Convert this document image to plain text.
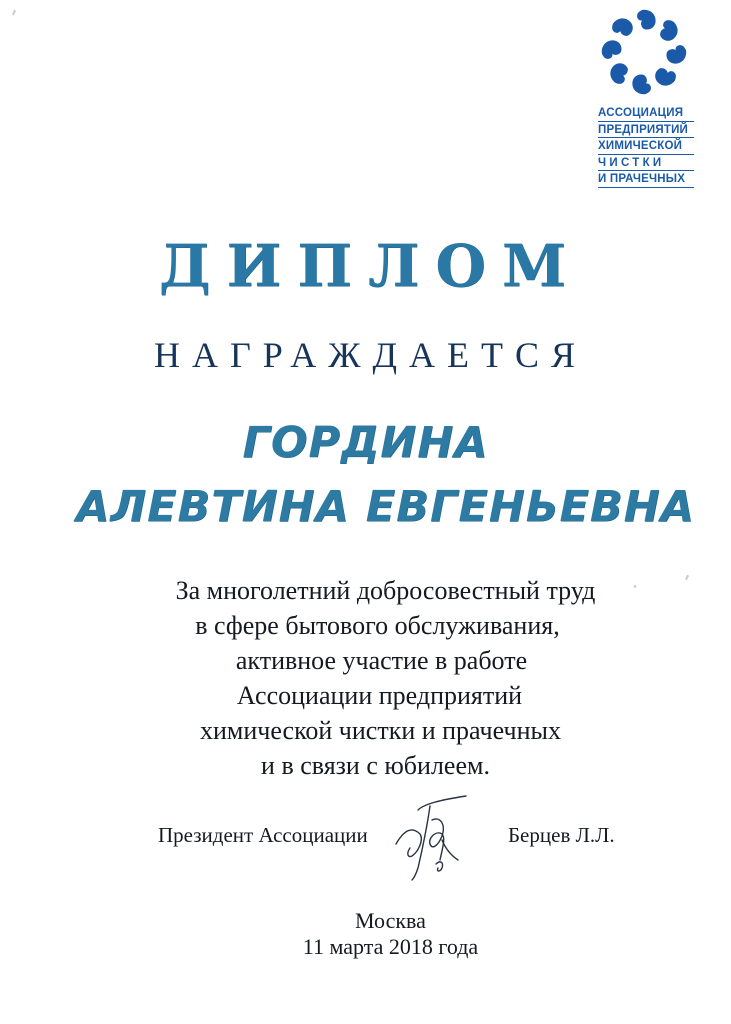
АССОЦИАЦИЯ
ПРЕДПРИЯТИЙ
ХИМИЧЕСКОЙ
ЧИСТКИ
И ПРАЧЕЧНЫХ
ДИПЛОМ
НАГРАЖДАЕТСЯ
ГОРДИНА
АЛЕВТИНА ЕВГЕНЬЕВНА
За многолетний добросовестный труд
в сфере бытового обслуживания,
активное участие в работе
Ассоциации предприятий
химической чистки и прачечных
и в связи с юбилеем.
Президент Ассоциации	Берцев Л.Л.
Москва
11 марта 2018 года
